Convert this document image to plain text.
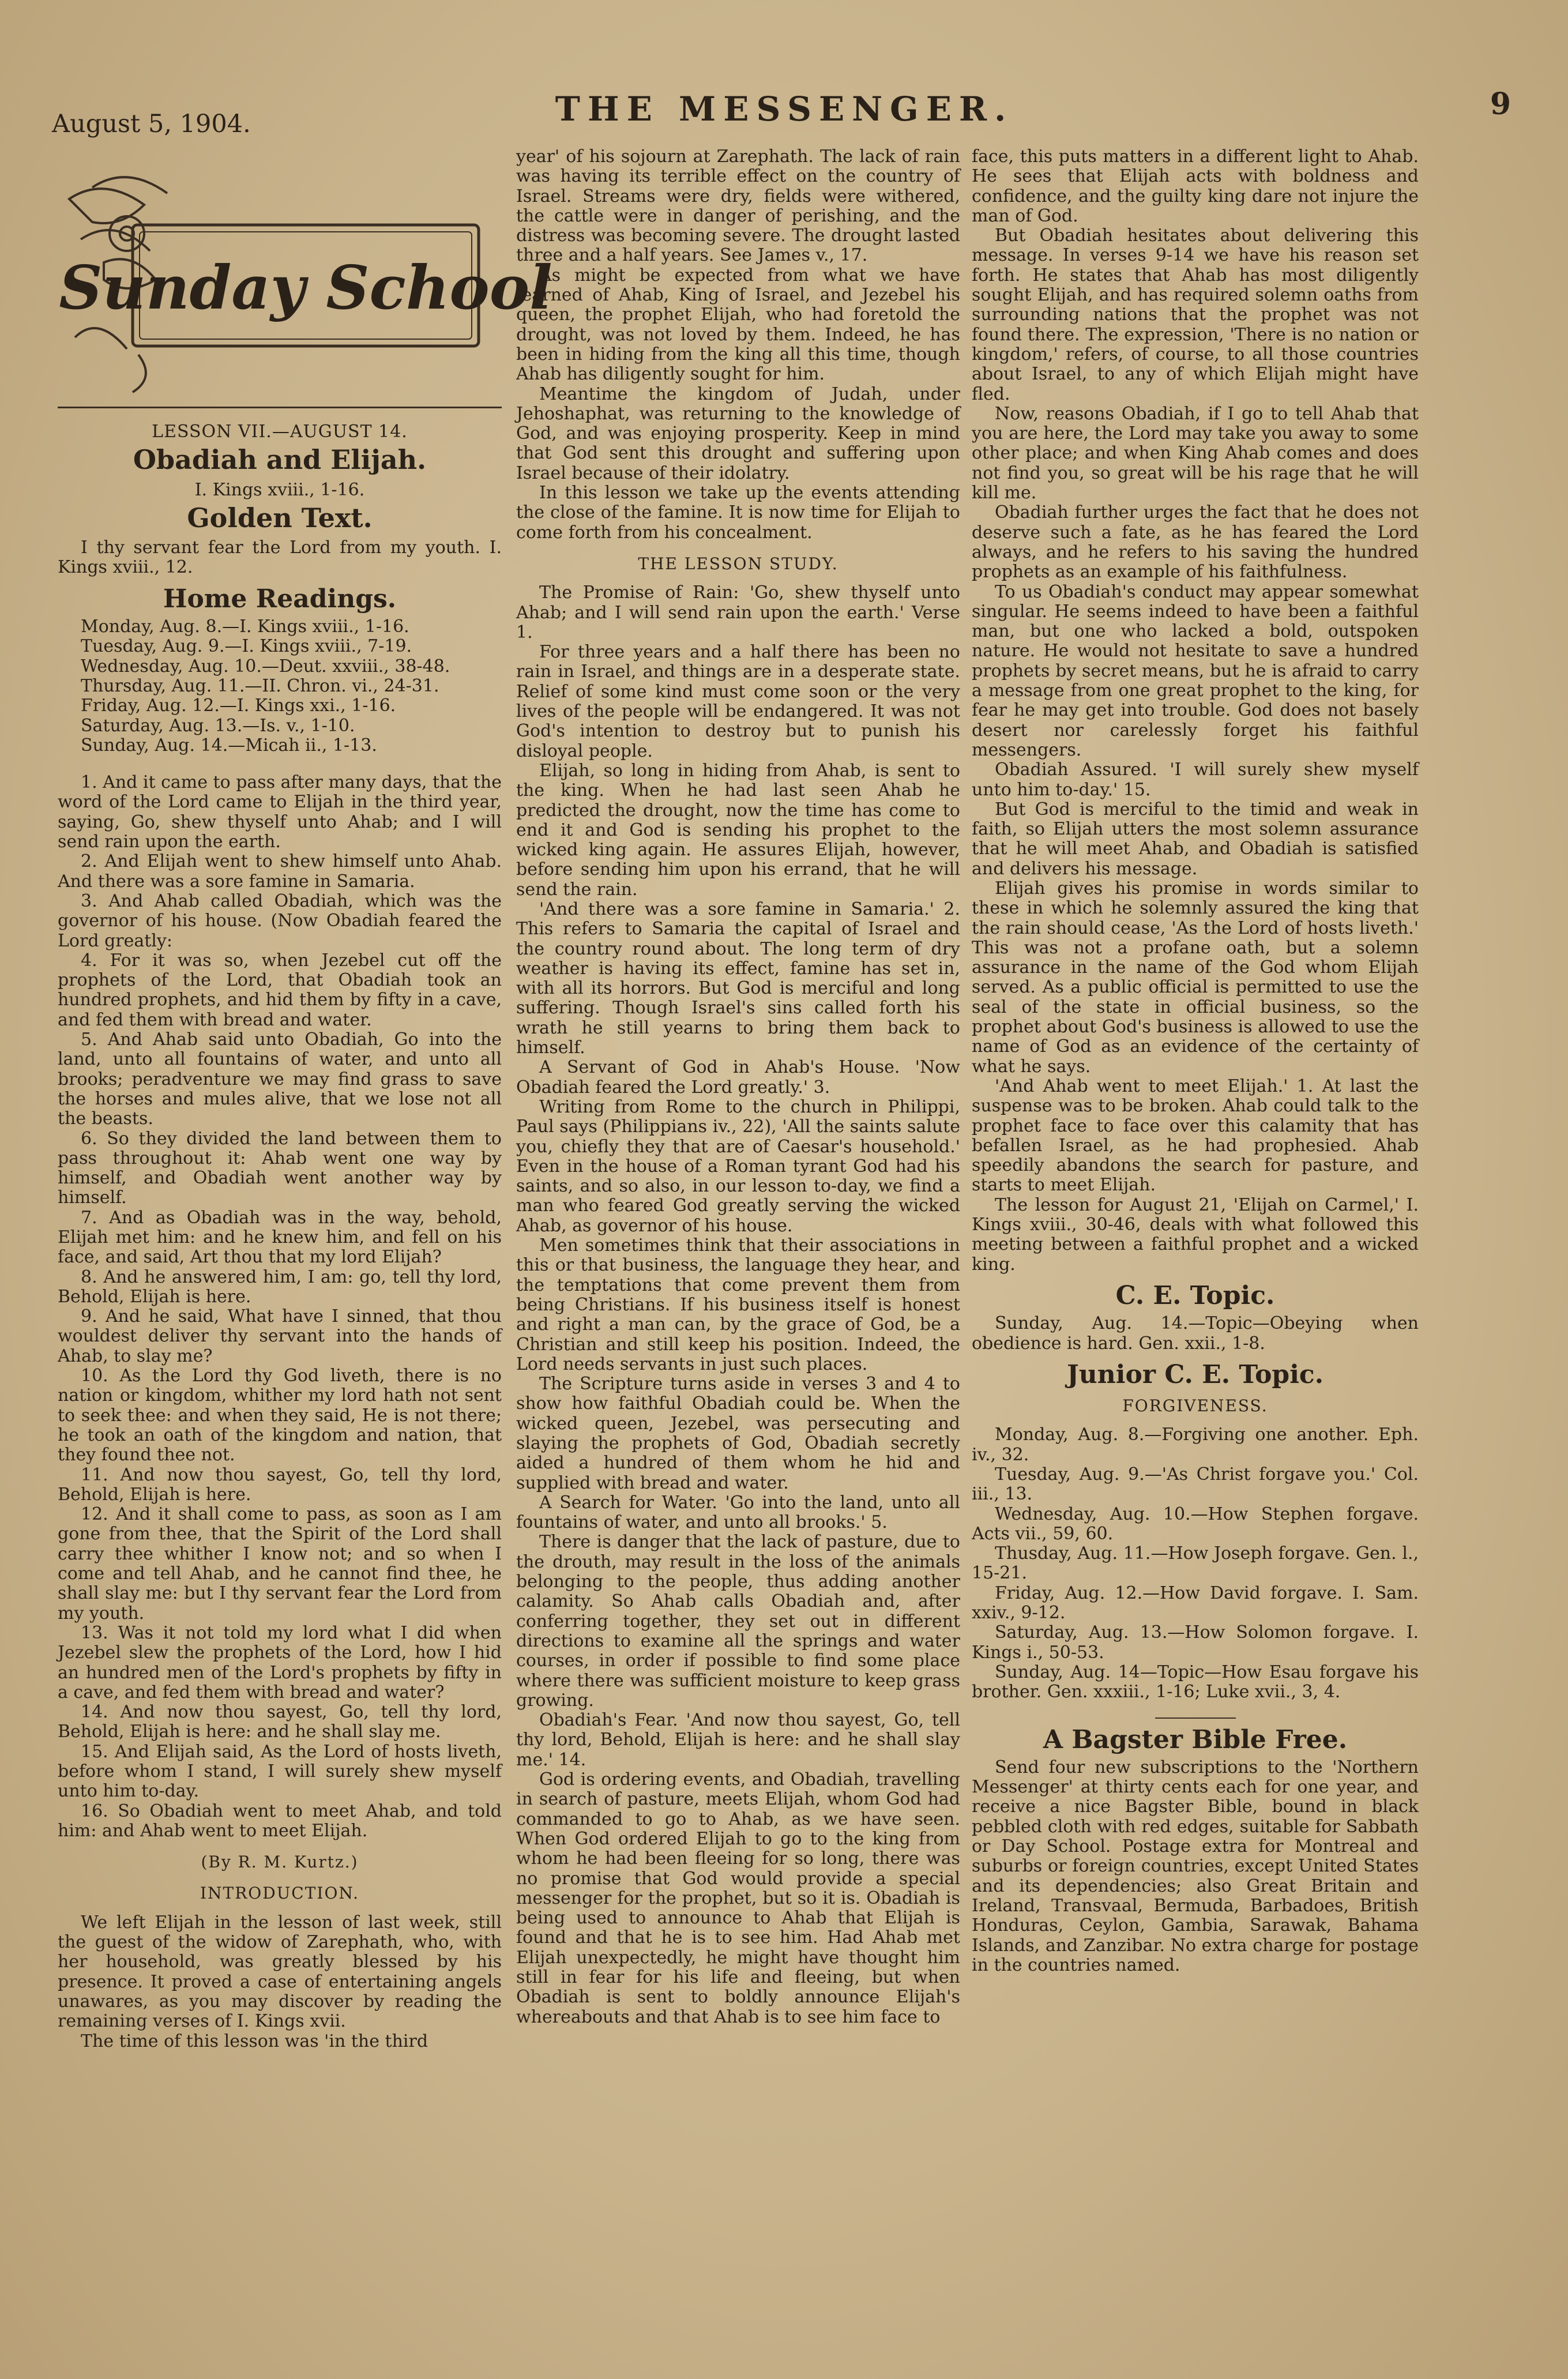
August 5, 1904.	THE MESSENGER.	9
Sunday School
LESSON VII.—AUGUST 14.
Obadiah and Elijah.
I. Kings xviii., 1-16.
Golden Text.

I thy servant fear the Lord from my youth. I. Kings xviii., 12.

Home Readings.
Monday, Aug. 8.—I. Kings xviii., 1-16.
Tuesday, Aug. 9.—I. Kings xviii., 7-19.
Wednesday, Aug. 10.—Deut. xxviii., 38-48.
Thursday, Aug. 11.—II. Chron. vi., 24-31.
Friday, Aug. 12.—I. Kings xxi., 1-16.
Saturday, Aug. 13.—Is. v., 1-10.
Sunday, Aug. 14.—Micah ii., 1-13.

1. And it came to pass after many days, that the word of the Lord came to Elijah in the third year, saying, Go, shew thyself unto Ahab; and I will send rain upon the earth.

2. And Elijah went to shew himself unto Ahab. And there was a sore famine in Samaria.

3. And Ahab called Obadiah, which was the governor of his house. (Now Obadiah feared the Lord greatly:

4. For it was so, when Jezebel cut off the prophets of the Lord, that Obadiah took an hundred prophets, and hid them by fifty in a cave, and fed them with bread and water.

5. And Ahab said unto Obadiah, Go into the land, unto all fountains of water, and unto all brooks; peradventure we may find grass to save the horses and mules alive, that we lose not all the beasts.

6. So they divided the land between them to pass throughout it: Ahab went one way by himself, and Obadiah went another way by himself.

7. And as Obadiah was in the way, behold, Elijah met him: and he knew him, and fell on his face, and said, Art thou that my lord Elijah?

8. And he answered him, I am: go, tell thy lord, Behold, Elijah is here.

9. And he said, What have I sinned, that thou wouldest deliver thy servant into the hands of Ahab, to slay me?

10. As the Lord thy God liveth, there is no nation or kingdom, whither my lord hath not sent to seek thee: and when they said, He is not there; he took an oath of the kingdom and nation, that they found thee not.

11. And now thou sayest, Go, tell thy lord, Behold, Elijah is here.

12. And it shall come to pass, as soon as I am gone from thee, that the Spirit of the Lord shall carry thee whither I know not; and so when I come and tell Ahab, and he cannot find thee, he shall slay me: but I thy servant fear the Lord from my youth.

13. Was it not told my lord what I did when Jezebel slew the prophets of the Lord, how I hid an hundred men of the Lord's prophets by fifty in a cave, and fed them with bread and water?

14. And now thou sayest, Go, tell thy lord, Behold, Elijah is here: and he shall slay me.

15. And Elijah said, As the Lord of hosts liveth, before whom I stand, I will surely shew myself unto him to-day.

16. So Obadiah went to meet Ahab, and told him: and Ahab went to meet Elijah.

(By R. M. Kurtz.)
INTRODUCTION.

We left Elijah in the lesson of last week, still the guest of the widow of Zarephath, who, with her household, was greatly blessed by his presence. It proved a case of entertaining angels unawares, as you may discover by reading the remaining verses of I. Kings xvii.

The time of this lesson was 'in the third

year' of his sojourn at Zarephath. The lack of rain was having its terrible effect on the country of Israel. Streams were dry, fields were withered, the cattle were in danger of perishing, and the distress was becoming severe. The drought lasted three and a half years. See James v., 17.

As might be expected from what we have learned of Ahab, King of Israel, and Jezebel his queen, the prophet Elijah, who had foretold the drought, was not loved by them. Indeed, he has been in hiding from the king all this time, though Ahab has diligently sought for him.

Meantime the kingdom of Judah, under Jehoshaphat, was returning to the knowledge of God, and was enjoying prosperity. Keep in mind that God sent this drought and suffering upon Israel because of their idolatry.

In this lesson we take up the events attending the close of the famine. It is now time for Elijah to come forth from his concealment.

THE LESSON STUDY.

The Promise of Rain: 'Go, shew thyself unto Ahab; and I will send rain upon the earth.' Verse 1.

For three years and a half there has been no rain in Israel, and things are in a desperate state. Relief of some kind must come soon or the very lives of the people will be endangered. It was not God's intention to destroy but to punish his disloyal people.

Elijah, so long in hiding from Ahab, is sent to the king. When he had last seen Ahab he predicted the drought, now the time has come to end it and God is sending his prophet to the wicked king again. He assures Elijah, however, before sending him upon his errand, that he will send the rain.

'And there was a sore famine in Samaria.' 2. This refers to Samaria the capital of Israel and the country round about. The long term of dry weather is having its effect, famine has set in, with all its horrors. But God is merciful and long suffering. Though Israel's sins called forth his wrath he still yearns to bring them back to himself.

A Servant of God in Ahab's House. 'Now Obadiah feared the Lord greatly.' 3.

Writing from Rome to the church in Philippi, Paul says (Philippians iv., 22), 'All the saints salute you, chiefly they that are of Caesar's household.' Even in the house of a Roman tyrant God had his saints, and so also, in our lesson to-day, we find a man who feared God greatly serving the wicked Ahab, as governor of his house.

Men sometimes think that their associations in this or that business, the language they hear, and the temptations that come prevent them from being Christians. If his business itself is honest and right a man can, by the grace of God, be a Christian and still keep his position. Indeed, the Lord needs servants in just such places.

The Scripture turns aside in verses 3 and 4 to show how faithful Obadiah could be. When the wicked queen, Jezebel, was persecuting and slaying the prophets of God, Obadiah secretly aided a hundred of them whom he hid and supplied with bread and water.

A Search for Water. 'Go into the land, unto all fountains of water, and unto all brooks.' 5.

There is danger that the lack of pasture, due to the drouth, may result in the loss of the animals belonging to the people, thus adding another calamity. So Ahab calls Obadiah and, after conferring together, they set out in different directions to examine all the springs and water courses, in order if possible to find some place where there was sufficient moisture to keep grass growing.

Obadiah's Fear. 'And now thou sayest, Go, tell thy lord, Behold, Elijah is here: and he shall slay me.' 14.

God is ordering events, and Obadiah, travelling in search of pasture, meets Elijah, whom God had commanded to go to Ahab, as we have seen. When God ordered Elijah to go to the king from whom he had been fleeing for so long, there was no promise that God would provide a special messenger for the prophet, but so it is. Obadiah is being used to announce to Ahab that Elijah is found and that he is to see him. Had Ahab met Elijah unexpectedly, he might have thought him still in fear for his life and fleeing, but when Obadiah is sent to boldly announce Elijah's whereabouts and that Ahab is to see him face to

face, this puts matters in a different light to Ahab. He sees that Elijah acts with boldness and confidence, and the guilty king dare not injure the man of God.

But Obadiah hesitates about delivering this message. In verses 9-14 we have his reason set forth. He states that Ahab has most diligently sought Elijah, and has required solemn oaths from surrounding nations that the prophet was not found there. The expression, 'There is no nation or kingdom,' refers, of course, to all those countries about Israel, to any of which Elijah might have fled.

Now, reasons Obadiah, if I go to tell Ahab that you are here, the Lord may take you away to some other place; and when King Ahab comes and does not find you, so great will be his rage that he will kill me.

Obadiah further urges the fact that he does not deserve such a fate, as he has feared the Lord always, and he refers to his saving the hundred prophets as an example of his faithfulness.

To us Obadiah's conduct may appear somewhat singular. He seems indeed to have been a faithful man, but one who lacked a bold, outspoken nature. He would not hesitate to save a hundred prophets by secret means, but he is afraid to carry a message from one great prophet to the king, for fear he may get into trouble. God does not basely desert nor carelessly forget his faithful messengers.

Obadiah Assured. 'I will surely shew myself unto him to-day.' 15.

But God is merciful to the timid and weak in faith, so Elijah utters the most solemn assurance that he will meet Ahab, and Obadiah is satisfied and delivers his message.

Elijah gives his promise in words similar to these in which he solemnly assured the king that the rain should cease, 'As the Lord of hosts liveth.' This was not a profane oath, but a solemn assurance in the name of the God whom Elijah served. As a public official is permitted to use the seal of the state in official business, so the prophet about God's business is allowed to use the name of God as an evidence of the certainty of what he says.

'And Ahab went to meet Elijah.' 1. At last the suspense was to be broken. Ahab could talk to the prophet face to face over this calamity that has befallen Israel, as he had prophesied. Ahab speedily abandons the search for pasture, and starts to meet Elijah.

The lesson for August 21, 'Elijah on Carmel,' I. Kings xviii., 30-46, deals with what followed this meeting between a faithful prophet and a wicked king.

C. E. Topic.

Sunday, Aug. 14.—Topic—Obeying when obedience is hard. Gen. xxii., 1-8.

Junior C. E. Topic.
FORGIVENESS.

Monday, Aug. 8.—Forgiving one another. Eph. iv., 32.

Tuesday, Aug. 9.—'As Christ forgave you.' Col. iii., 13.

Wednesday, Aug. 10.—How Stephen forgave. Acts vii., 59, 60.

Thusday, Aug. 11.—How Joseph forgave. Gen. l., 15-21.

Friday, Aug. 12.—How David forgave. I. Sam. xxiv., 9-12.

Saturday, Aug. 13.—How Solomon forgave. I. Kings i., 50-53.

Sunday, Aug. 14—Topic—How Esau forgave his brother. Gen. xxxiii., 1-16; Luke xvii., 3, 4.

A Bagster Bible Free.

Send four new subscriptions to the 'Northern Messenger' at thirty cents each for one year, and receive a nice Bagster Bible, bound in black pebbled cloth with red edges, suitable for Sabbath or Day School. Postage extra for Montreal and suburbs or foreign countries, except United States and its dependencies; also Great Britain and Ireland, Transvaal, Bermuda, Barbadoes, British Honduras, Ceylon, Gambia, Sarawak, Bahama Islands, and Zanzibar. No extra charge for postage in the countries named.
